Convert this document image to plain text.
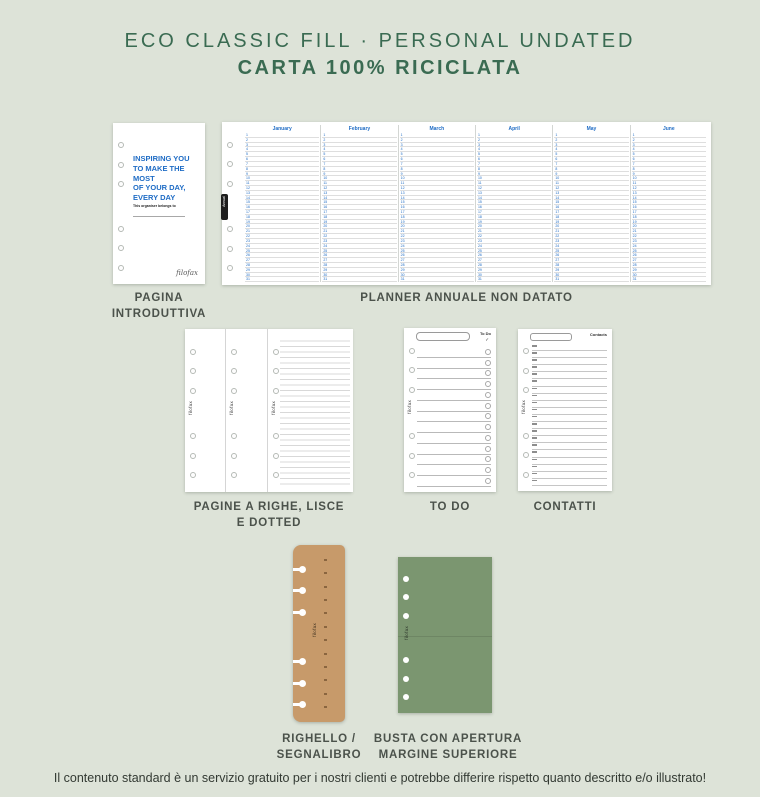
ECO CLASSIC FILL · PERSONAL UNDATED
CARTA 100% RICICLATA
INSPIRING YOU
TO MAKE THE MOST
OF YOUR DAY,
EVERY DAY
This organiser belongs to
filofax
PAGINA
INTRODUTTIVA
Annual
January
1
2
3
4
5
6
7
8
9
10
11
12
13
14
15
16
17
18
19
20
21
22
23
24
25
26
27
28
29
30
31
February
1
2
3
4
5
6
7
8
9
10
11
12
13
14
15
16
17
18
19
20
21
22
23
24
25
26
27
28
29
30
31
March
1
2
3
4
5
6
7
8
9
10
11
12
13
14
15
16
17
18
19
20
21
22
23
24
25
26
27
28
29
30
31
April
1
2
3
4
5
6
7
8
9
10
11
12
13
14
15
16
17
18
19
20
21
22
23
24
25
26
27
28
29
30
31
May
1
2
3
4
5
6
7
8
9
10
11
12
13
14
15
16
17
18
19
20
21
22
23
24
25
26
27
28
29
30
31
June
1
2
3
4
5
6
7
8
9
10
11
12
13
14
15
16
17
18
19
20
21
22
23
24
25
26
27
28
29
30
31
PLANNER ANNUALE NON DATATO
filofax	filofax	filofax
PAGINE A RIGHE, LISCE
E DOTTED
To Do
✓
filofax
TO DO
Contacts
filofax
CONTATTI
filofax
RIGHELLO /
SEGNALIBRO
filofax
BUSTA CON APERTURA
MARGINE SUPERIORE
Il contenuto standard è un servizio gratuito per i nostri clienti e potrebbe differire rispetto quanto descritto e/o illustrato!
